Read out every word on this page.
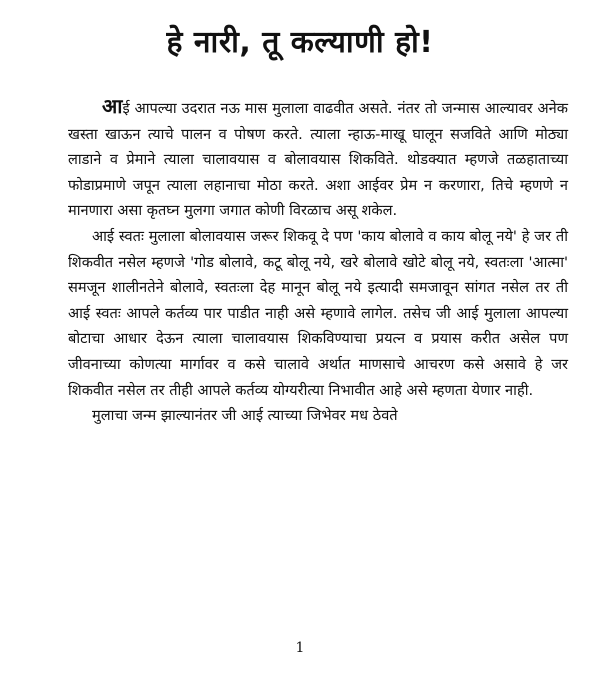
हे नारी, तू कल्याणी हो!

आई आपल्या उदरात नऊ मास मुलाला वाढवीत असते. नंतर तो जन्मास आल्यावर अनेक खस्ता खाऊन त्याचे पालन व पोषण करते. त्याला न्हाऊ-माखू घालून सजविते आणि मोठ्या लाडाने व प्रेमाने त्याला चालावयास व बोलावयास शिकविते. थोडक्यात म्हणजे तळहाताच्या फोडाप्रमाणे जपून त्याला लहानाचा मोठा करते. अशा आईवर प्रेम न करणारा, तिचे म्हणणे न मानणारा असा कृतघ्न मुलगा जगात कोणी विरळाच असू शकेल.

आई स्वतः मुलाला बोलावयास जरूर शिकवू दे पण 'काय बोलावे व काय बोलू नये' हे जर ती शिकवीत नसेल म्हणजे 'गोड बोलावे, कटू बोलू नये, खरे बोलावे खोटे बोलू नये, स्वतःला 'आत्मा' समजून शालीनतेने बोलावे, स्वतःला देह मानून बोलू नये इत्यादी समजावून सांगत नसेल तर ती आई स्वतः आपले कर्तव्य पार पाडीत नाही असे म्हणावे लागेल. तसेच जी आई मुलाला आपल्या बोटाचा आधार देऊन त्याला चालावयास शिकविण्याचा प्रयत्न व प्रयास करीत असेल पण जीवनाच्या कोणत्या मार्गावर व कसे चालावे अर्थात माणसाचे आचरण कसे असावे हे जर शिकवीत नसेल तर तीही आपले कर्तव्य योग्यरीत्या निभावीत आहे असे म्हणता येणार नाही.

मुलाचा जन्म झाल्यानंतर जी आई त्याच्या जिभेवर मध ठेवते

1
